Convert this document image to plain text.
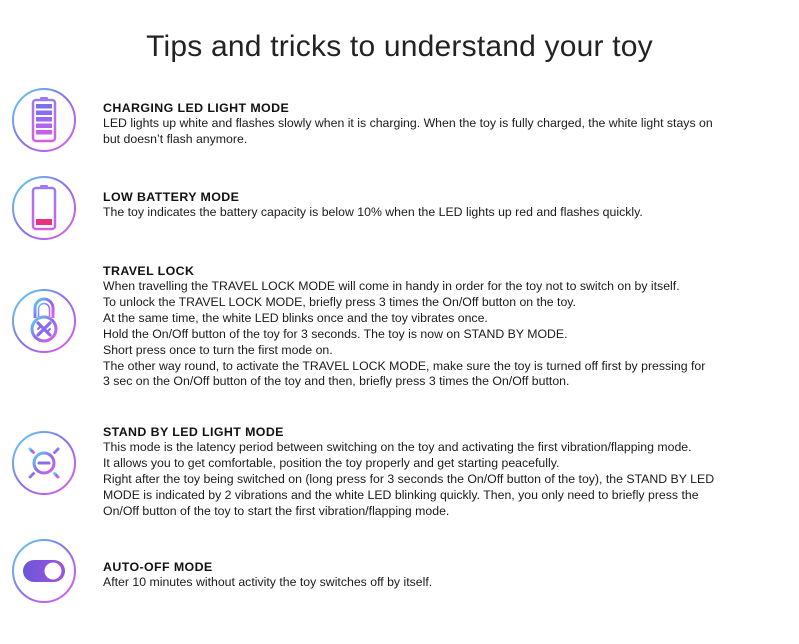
Tips and tricks to understand your toy
CHARGING LED LIGHT MODE

LED lights up white and flashes slowly when it is charging. When the toy is fully charged, the white light stays on

but doesn’t flash anymore.

LOW BATTERY MODE

The toy indicates the battery capacity is below 10% when the LED lights up red and flashes quickly.

TRAVEL LOCK

When travelling the TRAVEL LOCK MODE will come in handy in order for the toy not to switch on by itself.

To unlock the TRAVEL LOCK MODE, briefly press 3 times the On/Off button on the toy.

At the same time, the white LED blinks once and the toy vibrates once.

Hold the On/Off button of the toy for 3 seconds. The toy is now on STAND BY MODE.

Short press once to turn the first mode on.

The other way round, to activate the TRAVEL LOCK MODE, make sure the toy is turned off first by pressing for

3 sec on the On/Off button of the toy and then, briefly press 3 times the On/Off button.

STAND BY LED LIGHT MODE

This mode is the latency period between switching on the toy and activating the first vibration/flapping mode.

It allows you to get comfortable, position the toy properly and get starting peacefully.

Right after the toy being switched on (long press for 3 seconds the On/Off button of the toy), the STAND BY LED

MODE is indicated by 2 vibrations and the white LED blinking quickly. Then, you only need to briefly press the

On/Off button of the toy to start the first vibration/flapping mode.

AUTO-OFF MODE

After 10 minutes without activity the toy switches off by itself.
